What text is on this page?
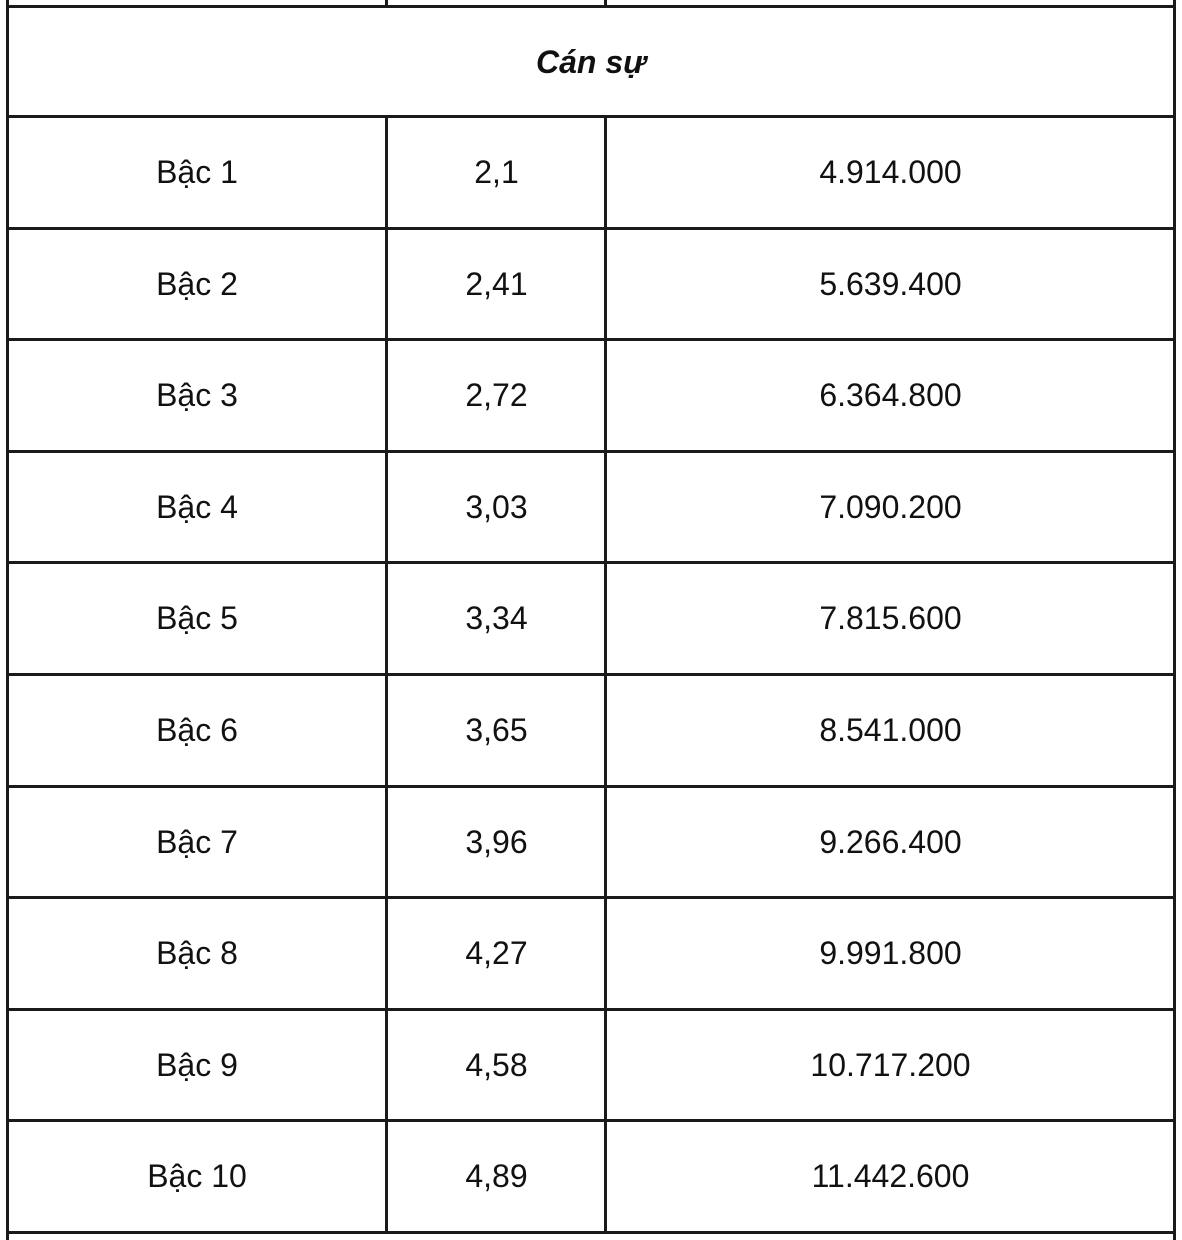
Cán sự
Bậc 1	2,1	4.914.000
Bậc 2	2,41	5.639.400
Bậc 3	2,72	6.364.800
Bậc 4	3,03	7.090.200
Bậc 5	3,34	7.815.600
Bậc 6	3,65	8.541.000
Bậc 7	3,96	9.266.400
Bậc 8	4,27	9.991.800
Bậc 9	4,58	10.717.200
Bậc 10	4,89	11.442.600
